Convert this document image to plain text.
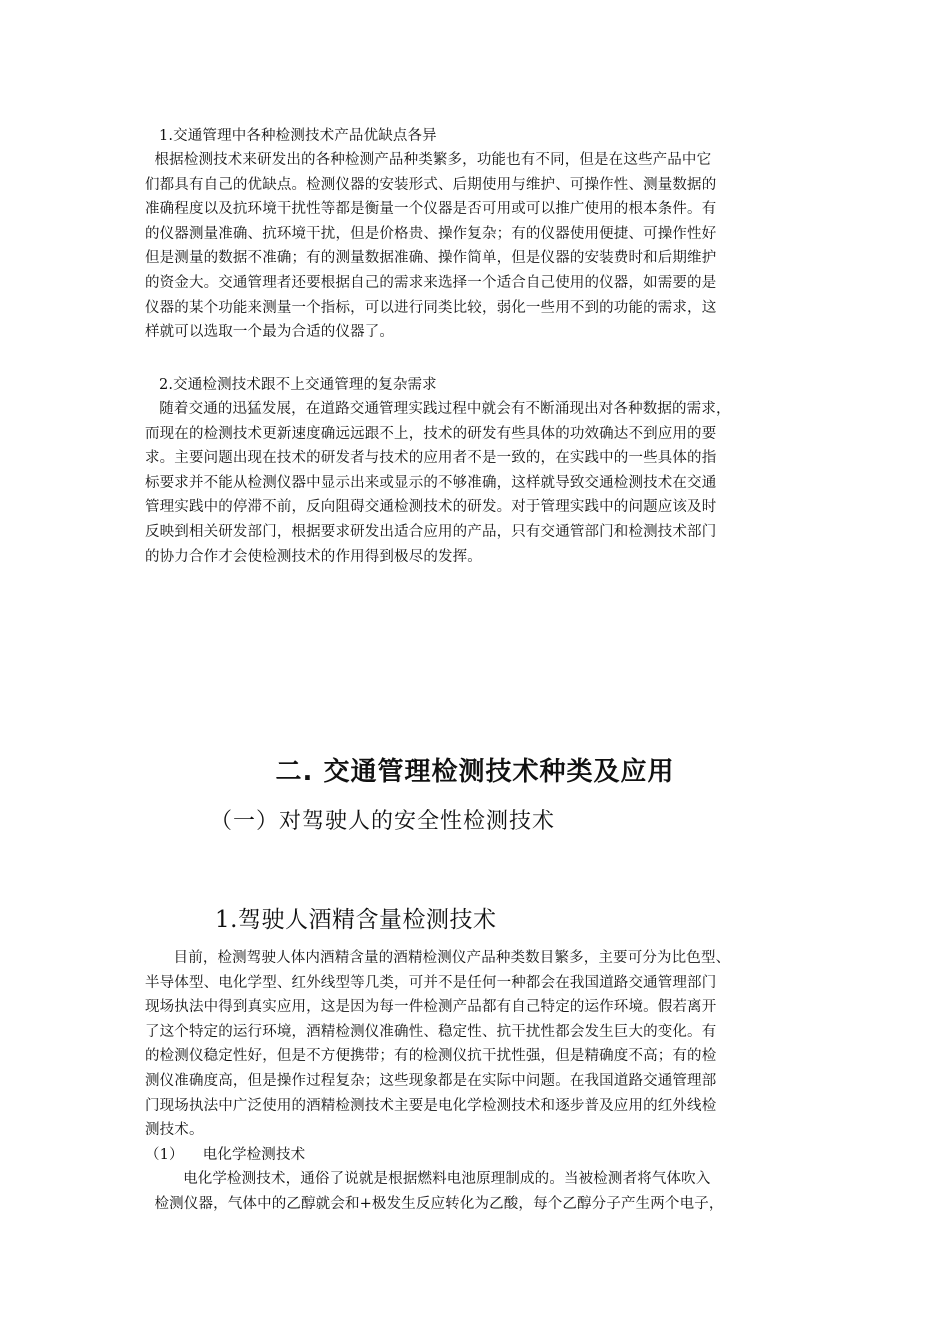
1.交通管理中各种检测技术产品优缺点各异
根据检测技术来研发出的各种检测产品种类繁多，功能也有不同，但是在这些产品中它
们都具有自己的优缺点。检测仪器的安装形式、后期使用与维护、可操作性、测量数据的
准确程度以及抗环境干扰性等都是衡量一个仪器是否可用或可以推广使用的根本条件。有
的仪器测量准确、抗环境干扰，但是价格贵、操作复杂；有的仪器使用便捷、可操作性好
但是测量的数据不准确；有的测量数据准确、操作简单，但是仪器的安装费时和后期维护
的资金大。交通管理者还要根据自己的需求来选择一个适合自己使用的仪器，如需要的是
仪器的某个功能来测量一个指标，可以进行同类比较，弱化一些用不到的功能的需求，这
样就可以选取一个最为合适的仪器了。
2.交通检测技术跟不上交通管理的复杂需求
随着交通的迅猛发展，在道路交通管理实践过程中就会有不断涌现出对各种数据的需求，
而现在的检测技术更新速度确远远跟不上，技术的研发有些具体的功效确达不到应用的要
求。主要问题出现在技术的研发者与技术的应用者不是一致的，在实践中的一些具体的指
标要求并不能从检测仪器中显示出来或显示的不够准确，这样就导致交通检测技术在交通
管理实践中的停滞不前，反向阻碍交通检测技术的研发。对于管理实践中的问题应该及时
反映到相关研发部门，根据要求研发出适合应用的产品，只有交通管部门和检测技术部门
的协力合作才会使检测技术的作用得到极尽的发挥。
二. 交通管理检测技术种类及应用
（一）对驾驶人的安全性检测技术
1.驾驶人酒精含量检测技术
目前，检测驾驶人体内酒精含量的酒精检测仪产品种类数目繁多，主要可分为比色型、
半导体型、电化学型、红外线型等几类，可并不是任何一种都会在我国道路交通管理部门
现场执法中得到真实应用，这是因为每一件检测产品都有自己特定的运作环境。假若离开
了这个特定的运行环境，酒精检测仪准确性、稳定性、抗干扰性都会发生巨大的变化。有
的检测仪稳定性好，但是不方便携带；有的检测仪抗干扰性强，但是精确度不高；有的检
测仪准确度高，但是操作过程复杂；这些现象都是在实际中问题。在我国道路交通管理部
门现场执法中广泛使用的酒精检测技术主要是电化学检测技术和逐步普及应用的红外线检
测技术。
（1）    电化学检测技术
电化学检测技术，通俗了说就是根据燃料电池原理制成的。当被检测者将气体吹入
检测仪器，气体中的乙醇就会和+极发生反应转化为乙酸，每个乙醇分子产生两个电子，
